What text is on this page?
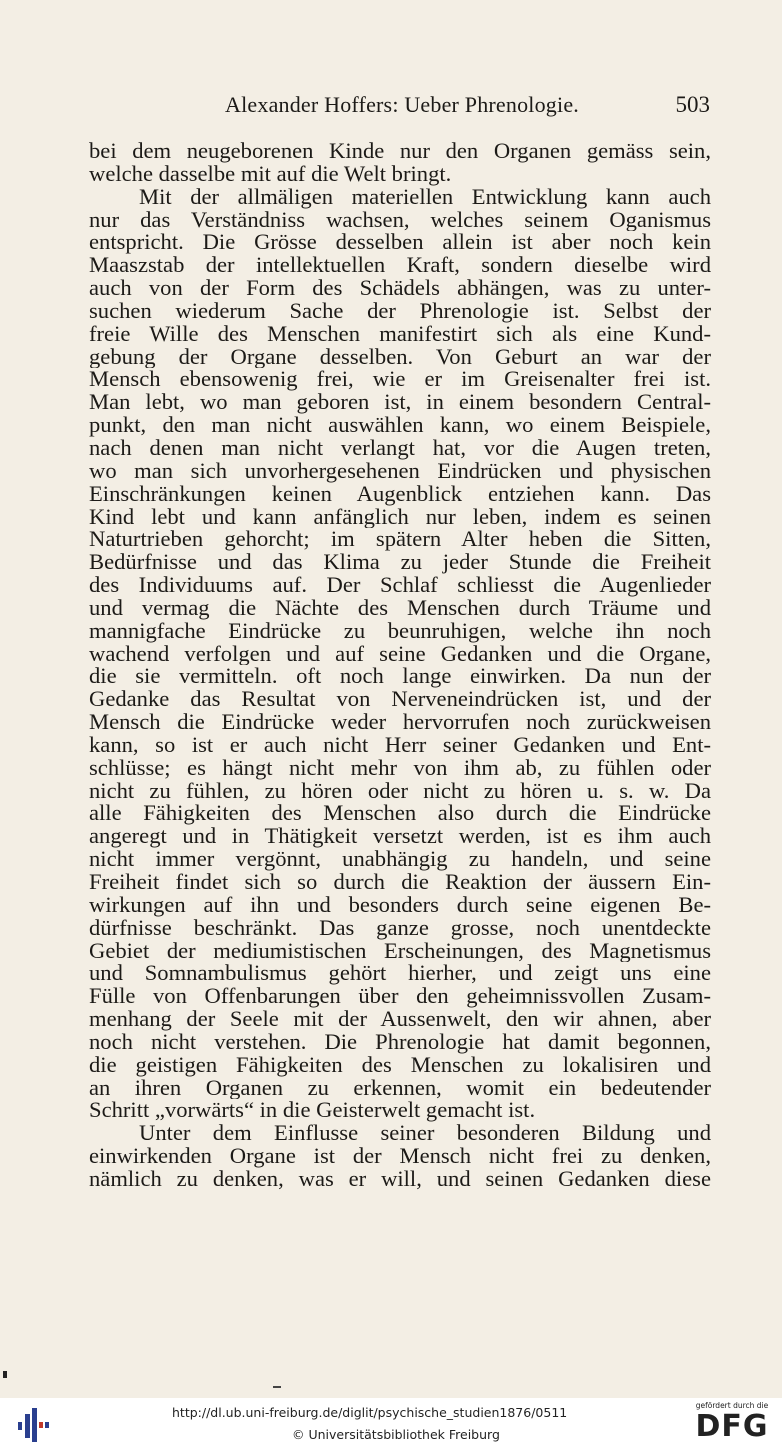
Alexander Hoffers: Ueber Phrenologie.	503
bei dem neugeborenen Kinde nur den Organen gemäss sein,
welche dasselbe mit auf die Welt bringt.
Mit der allmäligen materiellen Entwicklung kann auch
nur das Verständniss wachsen, welches seinem Oganismus
entspricht. Die Grösse desselben allein ist aber noch kein
Maaszstab der intellektuellen Kraft, sondern dieselbe wird
auch von der Form des Schädels abhängen, was zu unter-
suchen wiederum Sache der Phrenologie ist. Selbst der
freie Wille des Menschen manifestirt sich als eine Kund-
gebung der Organe desselben. Von Geburt an war der
Mensch ebensowenig frei, wie er im Greisenalter frei ist.
Man lebt, wo man geboren ist, in einem besondern Central-
punkt, den man nicht auswählen kann, wo einem Beispiele,
nach denen man nicht verlangt hat, vor die Augen treten,
wo man sich unvorhergesehenen Eindrücken und physischen
Einschränkungen keinen Augenblick entziehen kann. Das
Kind lebt und kann anfänglich nur leben, indem es seinen
Naturtrieben gehorcht; im spätern Alter heben die Sitten,
Bedürfnisse und das Klima zu jeder Stunde die Freiheit
des Individuums auf. Der Schlaf schliesst die Augenlieder
und vermag die Nächte des Menschen durch Träume und
mannigfache Eindrücke zu beunruhigen, welche ihn noch
wachend verfolgen und auf seine Gedanken und die Organe,
die sie vermitteln. oft noch lange einwirken. Da nun der
Gedanke das Resultat von Nerveneindrücken ist, und der
Mensch die Eindrücke weder hervorrufen noch zurückweisen
kann, so ist er auch nicht Herr seiner Gedanken und Ent-
schlüsse; es hängt nicht mehr von ihm ab, zu fühlen oder
nicht zu fühlen, zu hören oder nicht zu hören u. s. w. Da
alle Fähigkeiten des Menschen also durch die Eindrücke
angeregt und in Thätigkeit versetzt werden, ist es ihm auch
nicht immer vergönnt, unabhängig zu handeln, und seine
Freiheit findet sich so durch die Reaktion der äussern Ein-
wirkungen auf ihn und besonders durch seine eigenen Be-
dürfnisse beschränkt. Das ganze grosse, noch unentdeckte
Gebiet der mediumistischen Erscheinungen, des Magnetismus
und Somnambulismus gehört hierher, und zeigt uns eine
Fülle von Offenbarungen über den geheimnissvollen Zusam-
menhang der Seele mit der Aussenwelt, den wir ahnen, aber
noch nicht verstehen. Die Phrenologie hat damit begonnen,
die geistigen Fähigkeiten des Menschen zu lokalisiren und
an ihren Organen zu erkennen, womit ein bedeutender
Schritt „vorwärts“ in die Geisterwelt gemacht ist.
Unter dem Einflusse seiner besonderen Bildung und
einwirkenden Organe ist der Mensch nicht frei zu denken,
nämlich zu denken, was er will, und seinen Gedanken diese
http://dl.ub.uni-freiburg.de/diglit/psychische_studien1876/0511
© Universitätsbibliothek Freiburg
gefördert durch die
DFG
